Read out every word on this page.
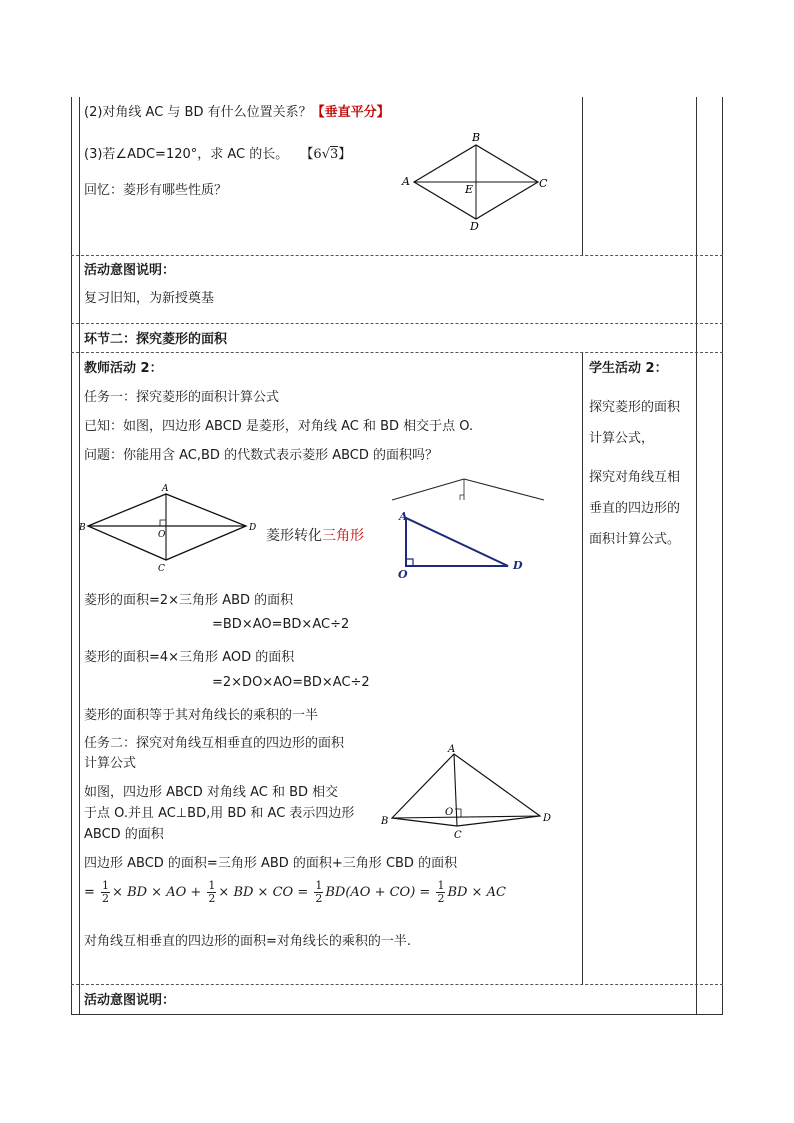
(2)对角线 AC 与 BD 有什么位置关系？【垂直平分】
(3)若∠ADC=120°，求 AC 的长。 【6√3】
回忆：菱形有哪些性质？
A
B
C
D
E
活动意图说明：
复习旧知，为新授奠基
环节二：探究菱形的面积
教师活动 2：
任务一：探究菱形的面积计算公式
已知：如图，四边形 ABCD 是菱形，对角线 AC 和 BD 相交于点 O.
问题：你能用含 AC,BD 的代数式表示菱形 ABCD 的面积吗？
A
B	D
C
O	菱形转化三角形
A
O
D
菱形的面积=2×三角形 ABD 的面积
=BD×AO=BD×AC÷2
菱形的面积=4×三角形 AOD 的面积
=2×DO×AO=BD×AC÷2
菱形的面积等于其对角线长的乘积的一半
任务二：探究对角线互相垂直的四边形的面积
计算公式
如图，四边形 ABCD 对角线 AC 和 BD 相交
于点 O.并且 AC⊥BD,用 BD 和 AC 表示四边形
ABCD 的面积
A
B
C
D
O
四边形 ABCD 的面积=三角形 ABD 的面积+三角形 CBD 的面积
= $\frac{1}{2}$ × BD × AO + $\frac{1}{2}$ × BD × CO = $\frac{1}{2} BD(AO + CO) = \frac{1}{2}$ BD × AC
对角线互相垂直的四边形的面积=对角线长的乘积的一半.
学生活动 2：
探究菱形的面积
计算公式，
探究对角线互相
垂直的四边形的
面积计算公式。
活动意图说明：
